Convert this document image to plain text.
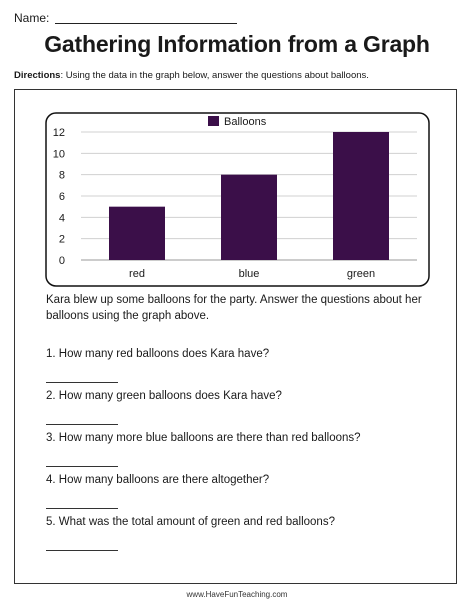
Name:
Gathering Information from a Graph
Directions: Using the data in the graph below, answer the questions about balloons.
0
2
4
6
8
10
12
red	blue	green
Balloons
Kara blew up some balloons for the party. Answer the questions about her balloons using the graph above.
1. How many red balloons does Kara have?
2. How many green balloons does Kara have?
3. How many more blue balloons are there than red balloons?
4. How many balloons are there altogether?
5. What was the total amount of green and red balloons?
www.HaveFunTeaching.com
